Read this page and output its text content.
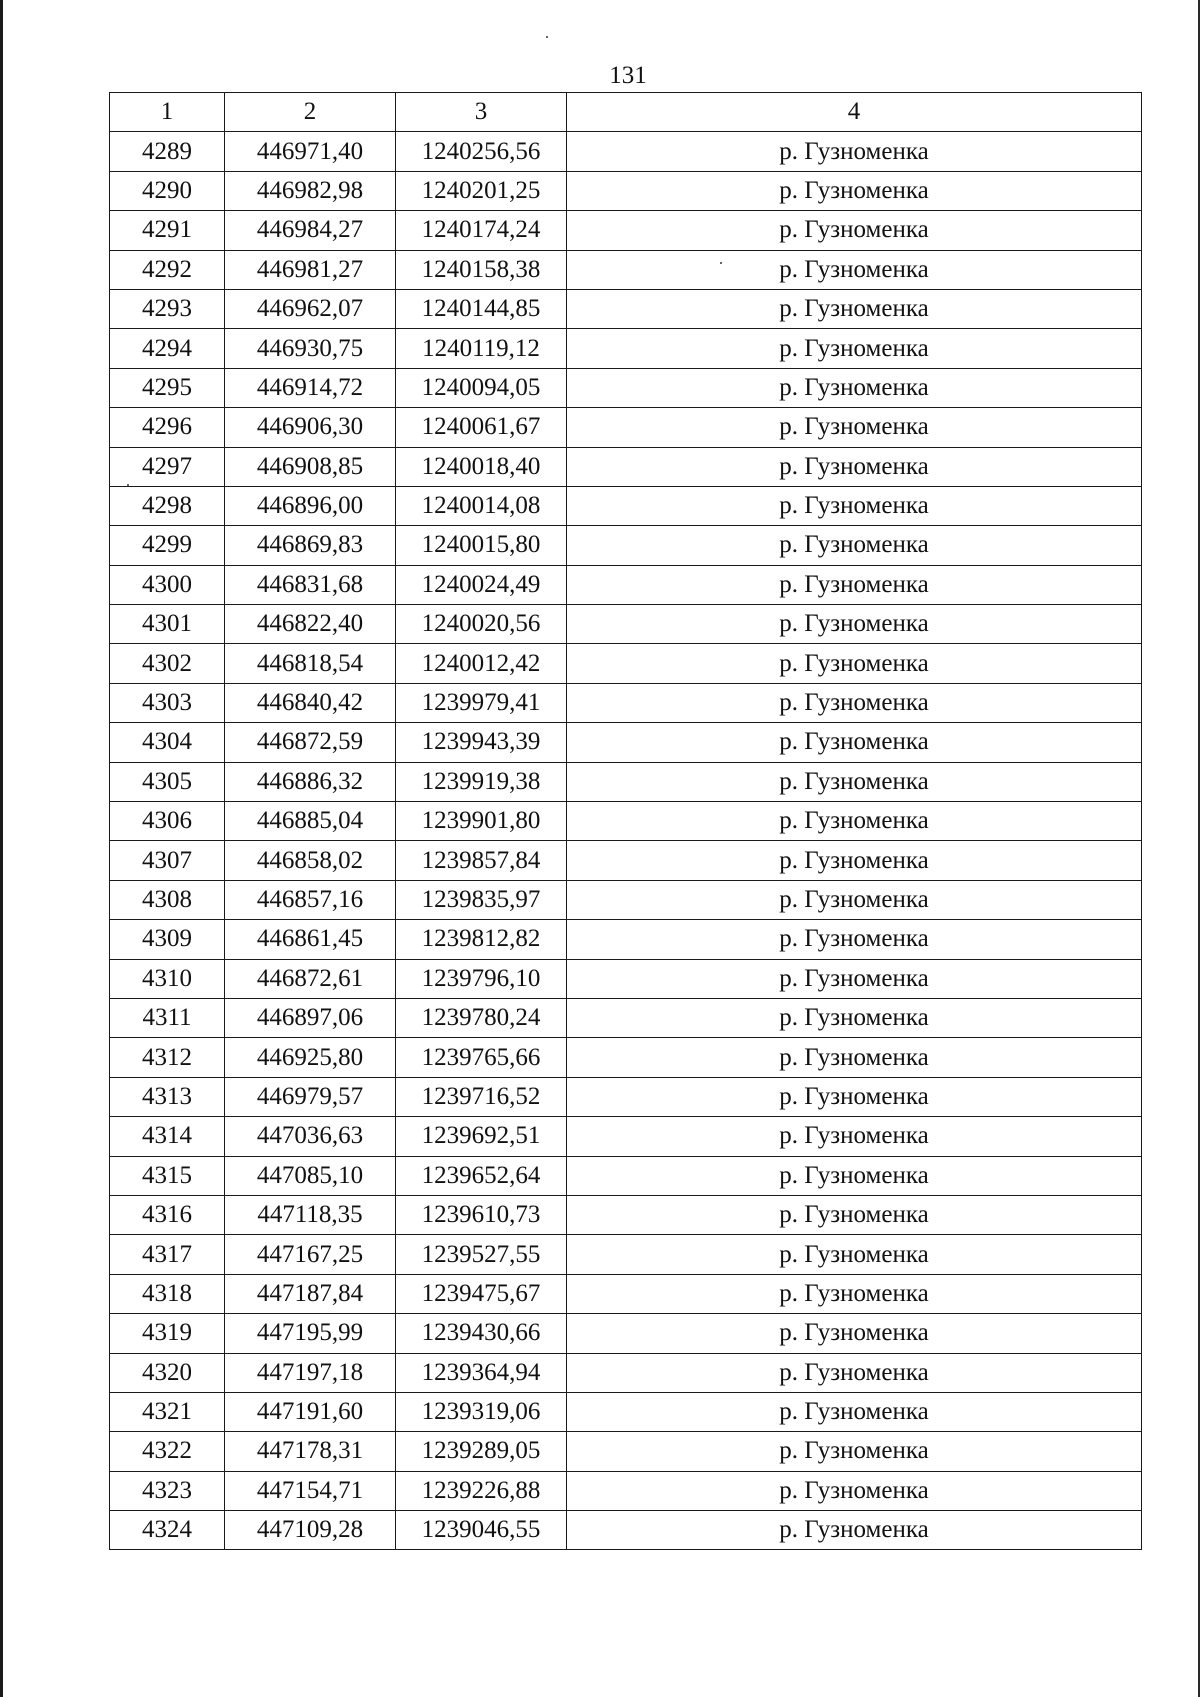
131
1	2	3	4
4289	446971,40	1240256,56	р. Гузноменка
4290	446982,98	1240201,25	р. Гузноменка
4291	446984,27	1240174,24	р. Гузноменка
4292	446981,27	1240158,38	р. Гузноменка
4293	446962,07	1240144,85	р. Гузноменка
4294	446930,75	1240119,12	р. Гузноменка
4295	446914,72	1240094,05	р. Гузноменка
4296	446906,30	1240061,67	р. Гузноменка
4297	446908,85	1240018,40	р. Гузноменка
4298	446896,00	1240014,08	р. Гузноменка
4299	446869,83	1240015,80	р. Гузноменка
4300	446831,68	1240024,49	р. Гузноменка
4301	446822,40	1240020,56	р. Гузноменка
4302	446818,54	1240012,42	р. Гузноменка
4303	446840,42	1239979,41	р. Гузноменка
4304	446872,59	1239943,39	р. Гузноменка
4305	446886,32	1239919,38	р. Гузноменка
4306	446885,04	1239901,80	р. Гузноменка
4307	446858,02	1239857,84	р. Гузноменка
4308	446857,16	1239835,97	р. Гузноменка
4309	446861,45	1239812,82	р. Гузноменка
4310	446872,61	1239796,10	р. Гузноменка
4311	446897,06	1239780,24	р. Гузноменка
4312	446925,80	1239765,66	р. Гузноменка
4313	446979,57	1239716,52	р. Гузноменка
4314	447036,63	1239692,51	р. Гузноменка
4315	447085,10	1239652,64	р. Гузноменка
4316	447118,35	1239610,73	р. Гузноменка
4317	447167,25	1239527,55	р. Гузноменка
4318	447187,84	1239475,67	р. Гузноменка
4319	447195,99	1239430,66	р. Гузноменка
4320	447197,18	1239364,94	р. Гузноменка
4321	447191,60	1239319,06	р. Гузноменка
4322	447178,31	1239289,05	р. Гузноменка
4323	447154,71	1239226,88	р. Гузноменка
4324	447109,28	1239046,55	р. Гузноменка
